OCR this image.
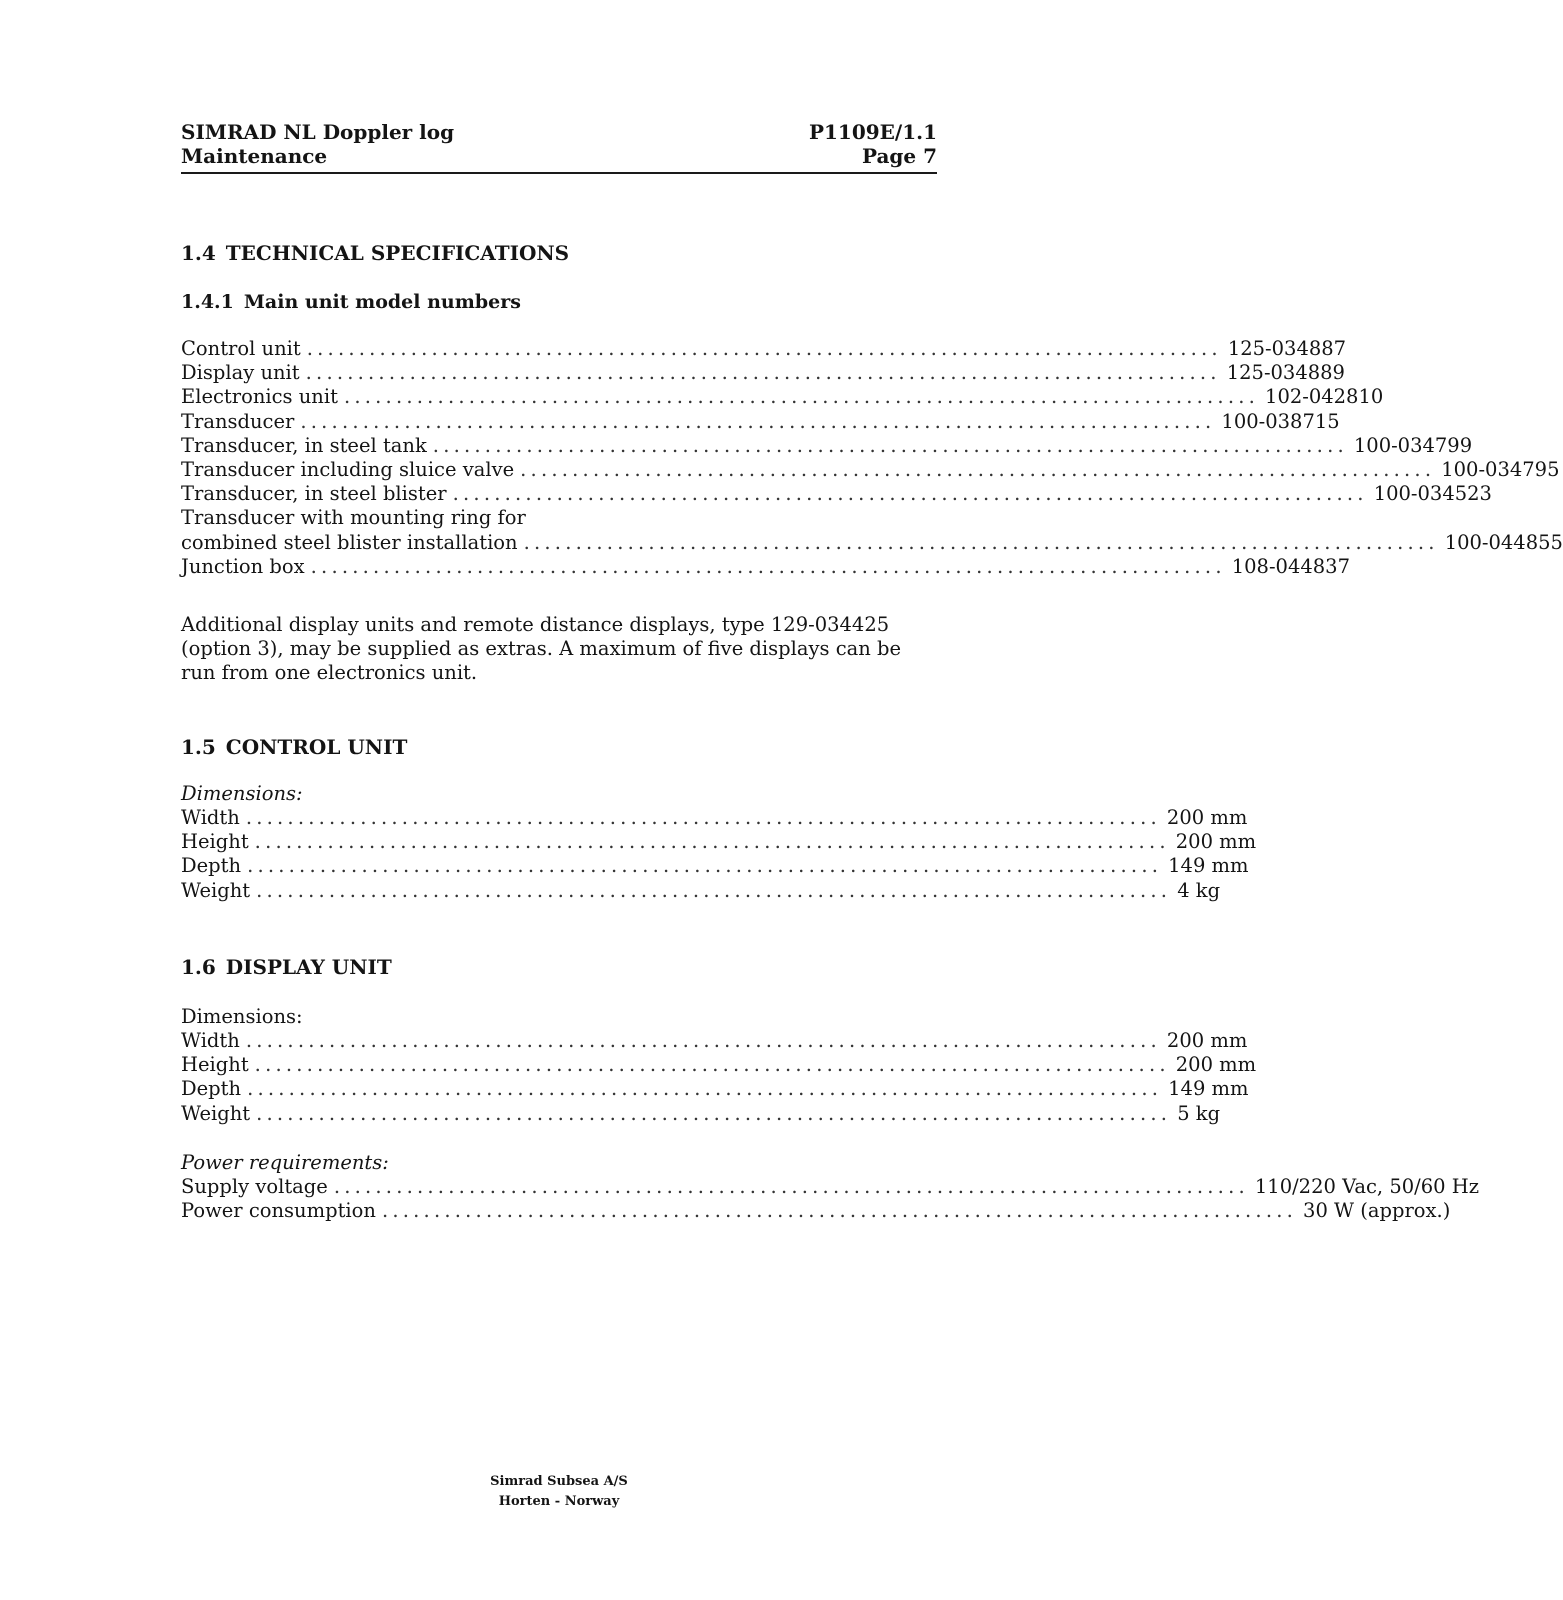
SIMRAD NL Doppler log	P1109E/1.1
Maintenance	Page 7
1.4 TECHNICAL SPECIFICATIONS
1.4.1 Main unit model numbers
Control unit ........................................................................................ 125-034887
Display unit ........................................................................................ 125-034889
Electronics unit ........................................................................................ 102-042810
Transducer ........................................................................................ 100-038715
Transducer, in steel tank ........................................................................................ 100-034799
Transducer including sluice valve ........................................................................................ 100-034795
Transducer, in steel blister ........................................................................................ 100-034523
Transducer with mounting ring for
combined steel blister installation ........................................................................................ 100-044855
Junction box ........................................................................................ 108-044837
Additional display units and remote distance displays, type 129-034425 (option 3), may be supplied as extras. A maximum of five displays can be run from one electronics unit.
1.5 CONTROL UNIT
Dimensions:
Width ........................................................................................ 200 mm
Height ........................................................................................ 200 mm
Depth ........................................................................................ 149 mm
Weight ........................................................................................ 4 kg
1.6 DISPLAY UNIT
Dimensions:
Width ........................................................................................ 200 mm
Height ........................................................................................ 200 mm
Depth ........................................................................................ 149 mm
Weight ........................................................................................ 5 kg
Power requirements:
Supply voltage ........................................................................................ 110/220 Vac, 50/60 Hz
Power consumption ........................................................................................ 30 W (approx.)
Simrad Subsea A/S
Horten - Norway
